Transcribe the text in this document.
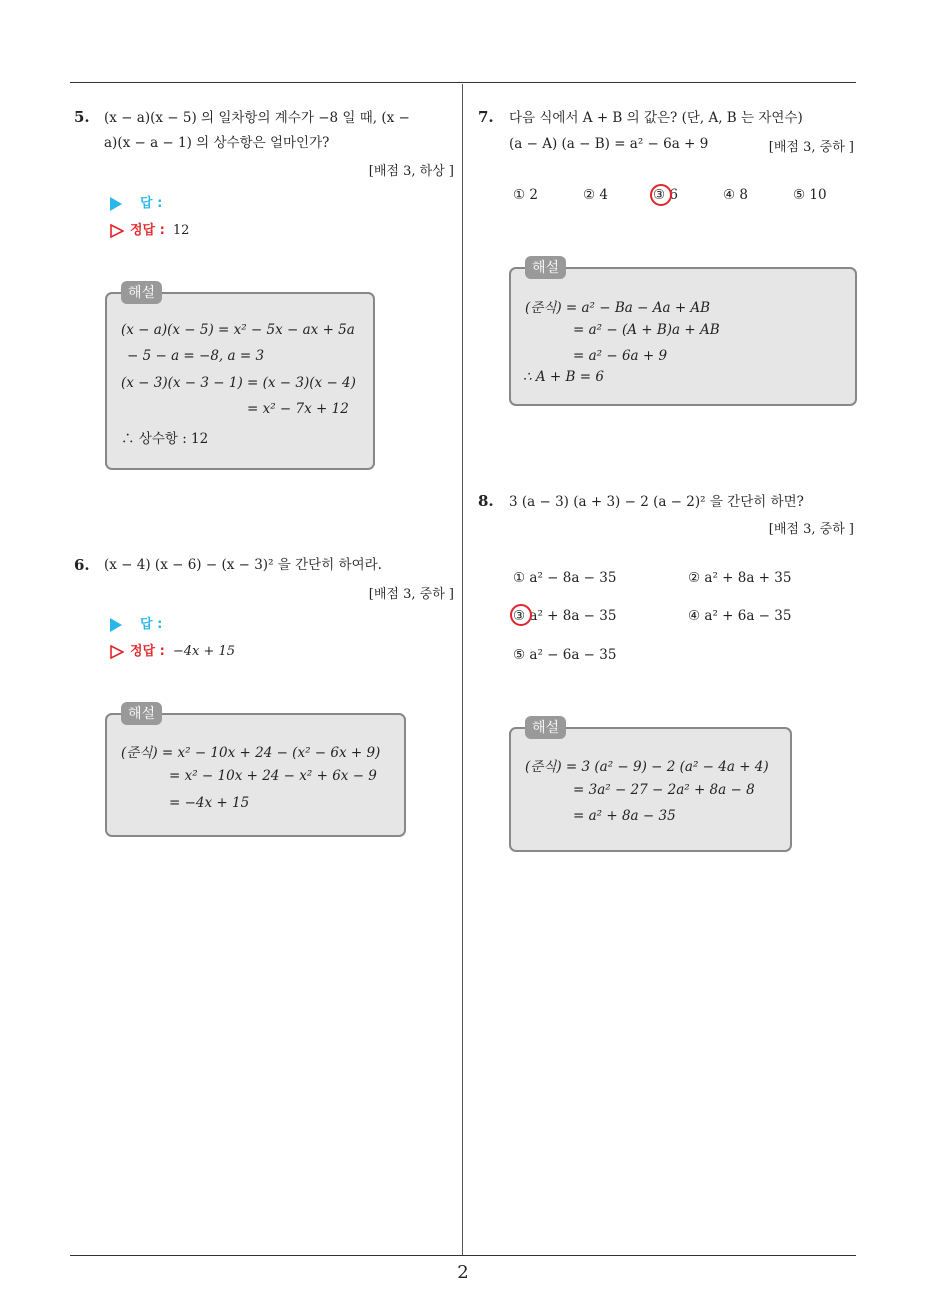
2
5. (x − a)(x − 5) 의 일차항의 계수가 −8 일 때, (x −
a)(x − a − 1) 의 상수항은 얼마인가?
[배점 3, 하상 ]
답 :
정답 : 12
해설
(x − a)(x − 5) = x² − 5x − ax + 5a
− 5 − a = −8, a = 3
(x − 3)(x − 3 − 1) = (x − 3)(x − 4)
= x² − 7x + 12
∴ 상수항 : 12
6. (x − 4) (x − 6) − (x − 3)² 을 간단히 하여라.
[배점 3, 중하 ]
답 :
정답 : −4x + 15
해설
(준식) = x² − 10x + 24 − (x² − 6x + 9)
= x² − 10x + 24 − x² + 6x − 9
= −4x + 15
7. 다음 식에서 A + B 의 값은? (단, A, B 는 자연수)
(a − A) (a − B) = a² − 6a + 9	[배점 3, 중하 ]
① 2	② 4	③ 6	④ 8	⑤ 10
해설
(준식) = a² − Ba − Aa + AB
= a² − (A + B)a + AB
= a² − 6a + 9
∴ A + B = 6
8. 3 (a − 3) (a + 3) − 2 (a − 2)² 을 간단히 하면?
[배점 3, 중하 ]
① a² − 8a − 35	② a² + 8a + 35
③ a² + 8a − 35	④ a² + 6a − 35
⑤ a² − 6a − 35
해설
(준식) = 3 (a² − 9) − 2 (a² − 4a + 4)
= 3a² − 27 − 2a² + 8a − 8
= a² + 8a − 35
